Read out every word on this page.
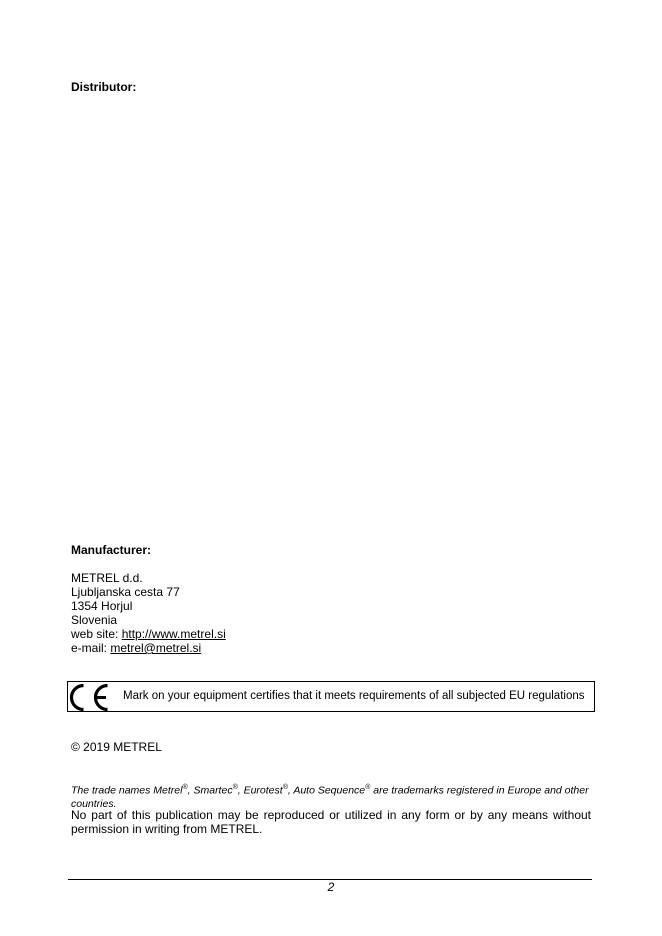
Distributor:
Manufacturer:
METREL d.d.
Ljubljanska cesta 77
1354 Horjul
Slovenia
web site: http://www.metrel.si
e-mail: metrel@metrel.si
Mark on your equipment certifies that it meets requirements of all subjected EU regulations
© 2019 METREL
The trade names Metrel®, Smartec®, Eurotest®, Auto Sequence® are trademarks registered in Europe and other countries.
No part of this publication may be reproduced or utilized in any form or by any means without permission in writing from METREL.
2
